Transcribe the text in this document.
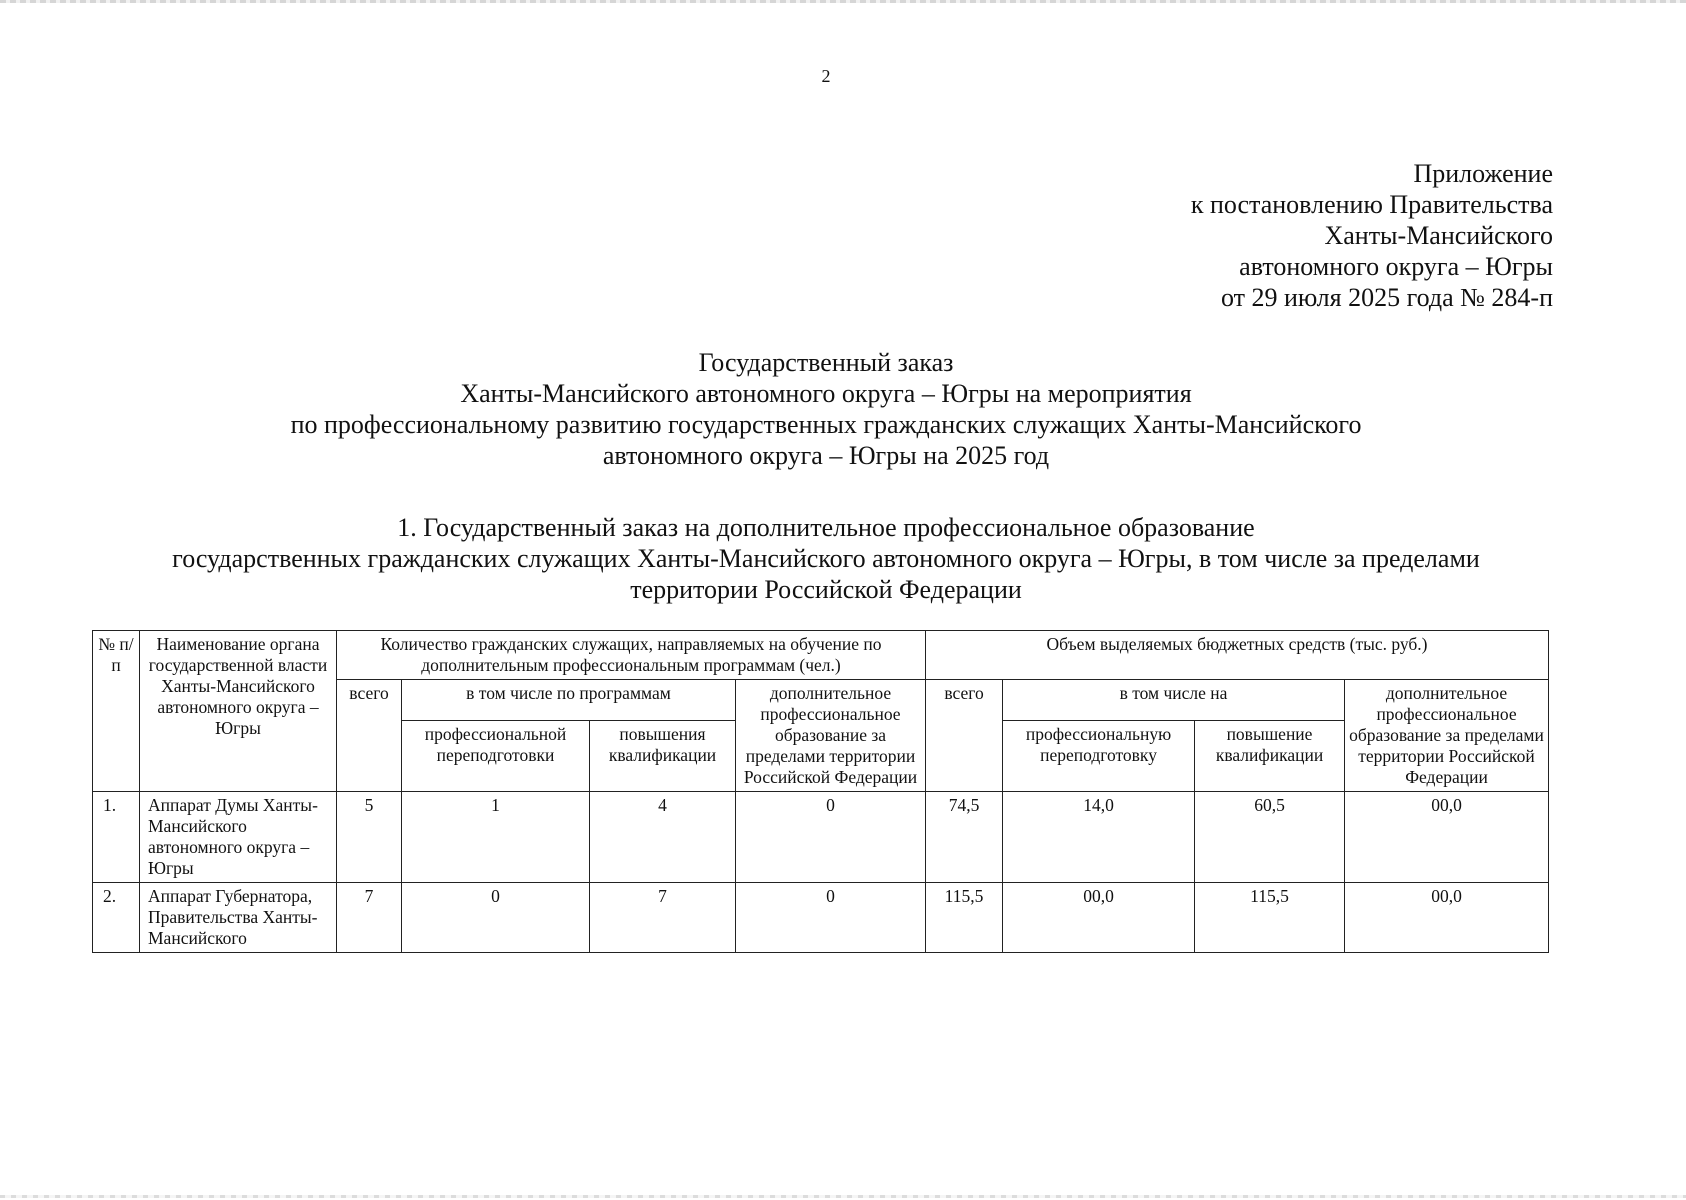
2
Приложение
к постановлению Правительства
Ханты-Мансийского
автономного округа – Югры
от 29 июля 2025 года № 284-п
Государственный заказ
Ханты-Мансийского автономного округа – Югры на мероприятия
по профессиональному развитию государственных гражданских служащих Ханты-Мансийского
автономного округа – Югры на 2025 год
1. Государственный заказ на дополнительное профессиональное образование
государственных гражданских служащих Ханты-Мансийского автономного округа – Югры, в том числе за пределами
территории Российской Федерации
№ п/п	Наименование органа государственной власти Ханты-Мансийского автономного округа – Югры	Количество гражданских служащих, направляемых на обучение по дополнительным профессиональным программам (чел.)				Объем выделяемых бюджетных средств (тыс. руб.)			
		всего	в том числе по программам		дополнительное профессиональное образование за пределами территории Российской Федерации	всего	в том числе на		дополнительное профессиональное образование за пределами территории Российской Федерации
			профессиональной переподготовки	повышения квалификации			профессиональную переподготовку	повышение квалификации	
1.	Аппарат Думы Ханты-Мансийского автономного округа – Югры	5	1	4	0	74,5	14,0	60,5	00,0
2.	Аппарат Губернатора, Правительства Ханты-Мансийского	7	0	7	0	115,5	00,0	115,5	00,0
